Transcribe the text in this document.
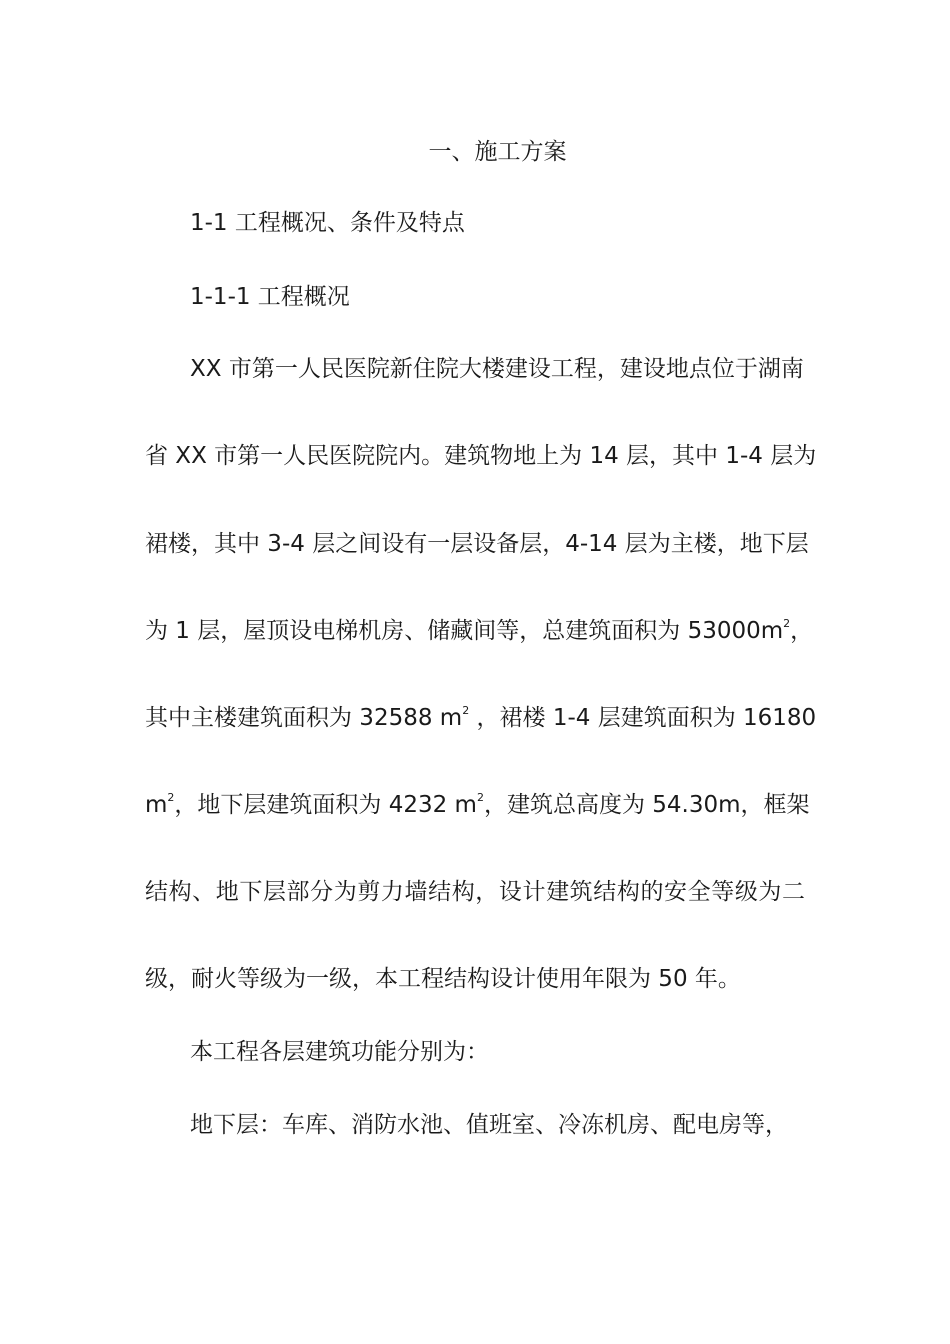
一、施工方案
1-1 工程概况、条件及特点
1-1-1 工程概况
XX 市第一人民医院新住院大楼建设工程，建设地点位于湖南
省 XX 市第一人民医院院内。建筑物地上为 14 层，其中 1-4 层为
裙楼，其中 3-4 层之间设有一层设备层，4-14 层为主楼，地下层
为 1 层，屋顶设电梯机房、储藏间等，总建筑面积为 $53000m^2$，
其中主楼建筑面积为 32588 $m^2$ ，裙楼 1-4 层建筑面积为 16180
$m^2$，地下层建筑面积为 4232 $m^2$，建筑总高度为 54.30m，框架
结构、地下层部分为剪力墙结构，设计建筑结构的安全等级为二
级，耐火等级为一级，本工程结构设计使用年限为 50 年。
本工程各层建筑功能分别为：
地下层：车库、消防水池、值班室、冷冻机房、配电房等，
